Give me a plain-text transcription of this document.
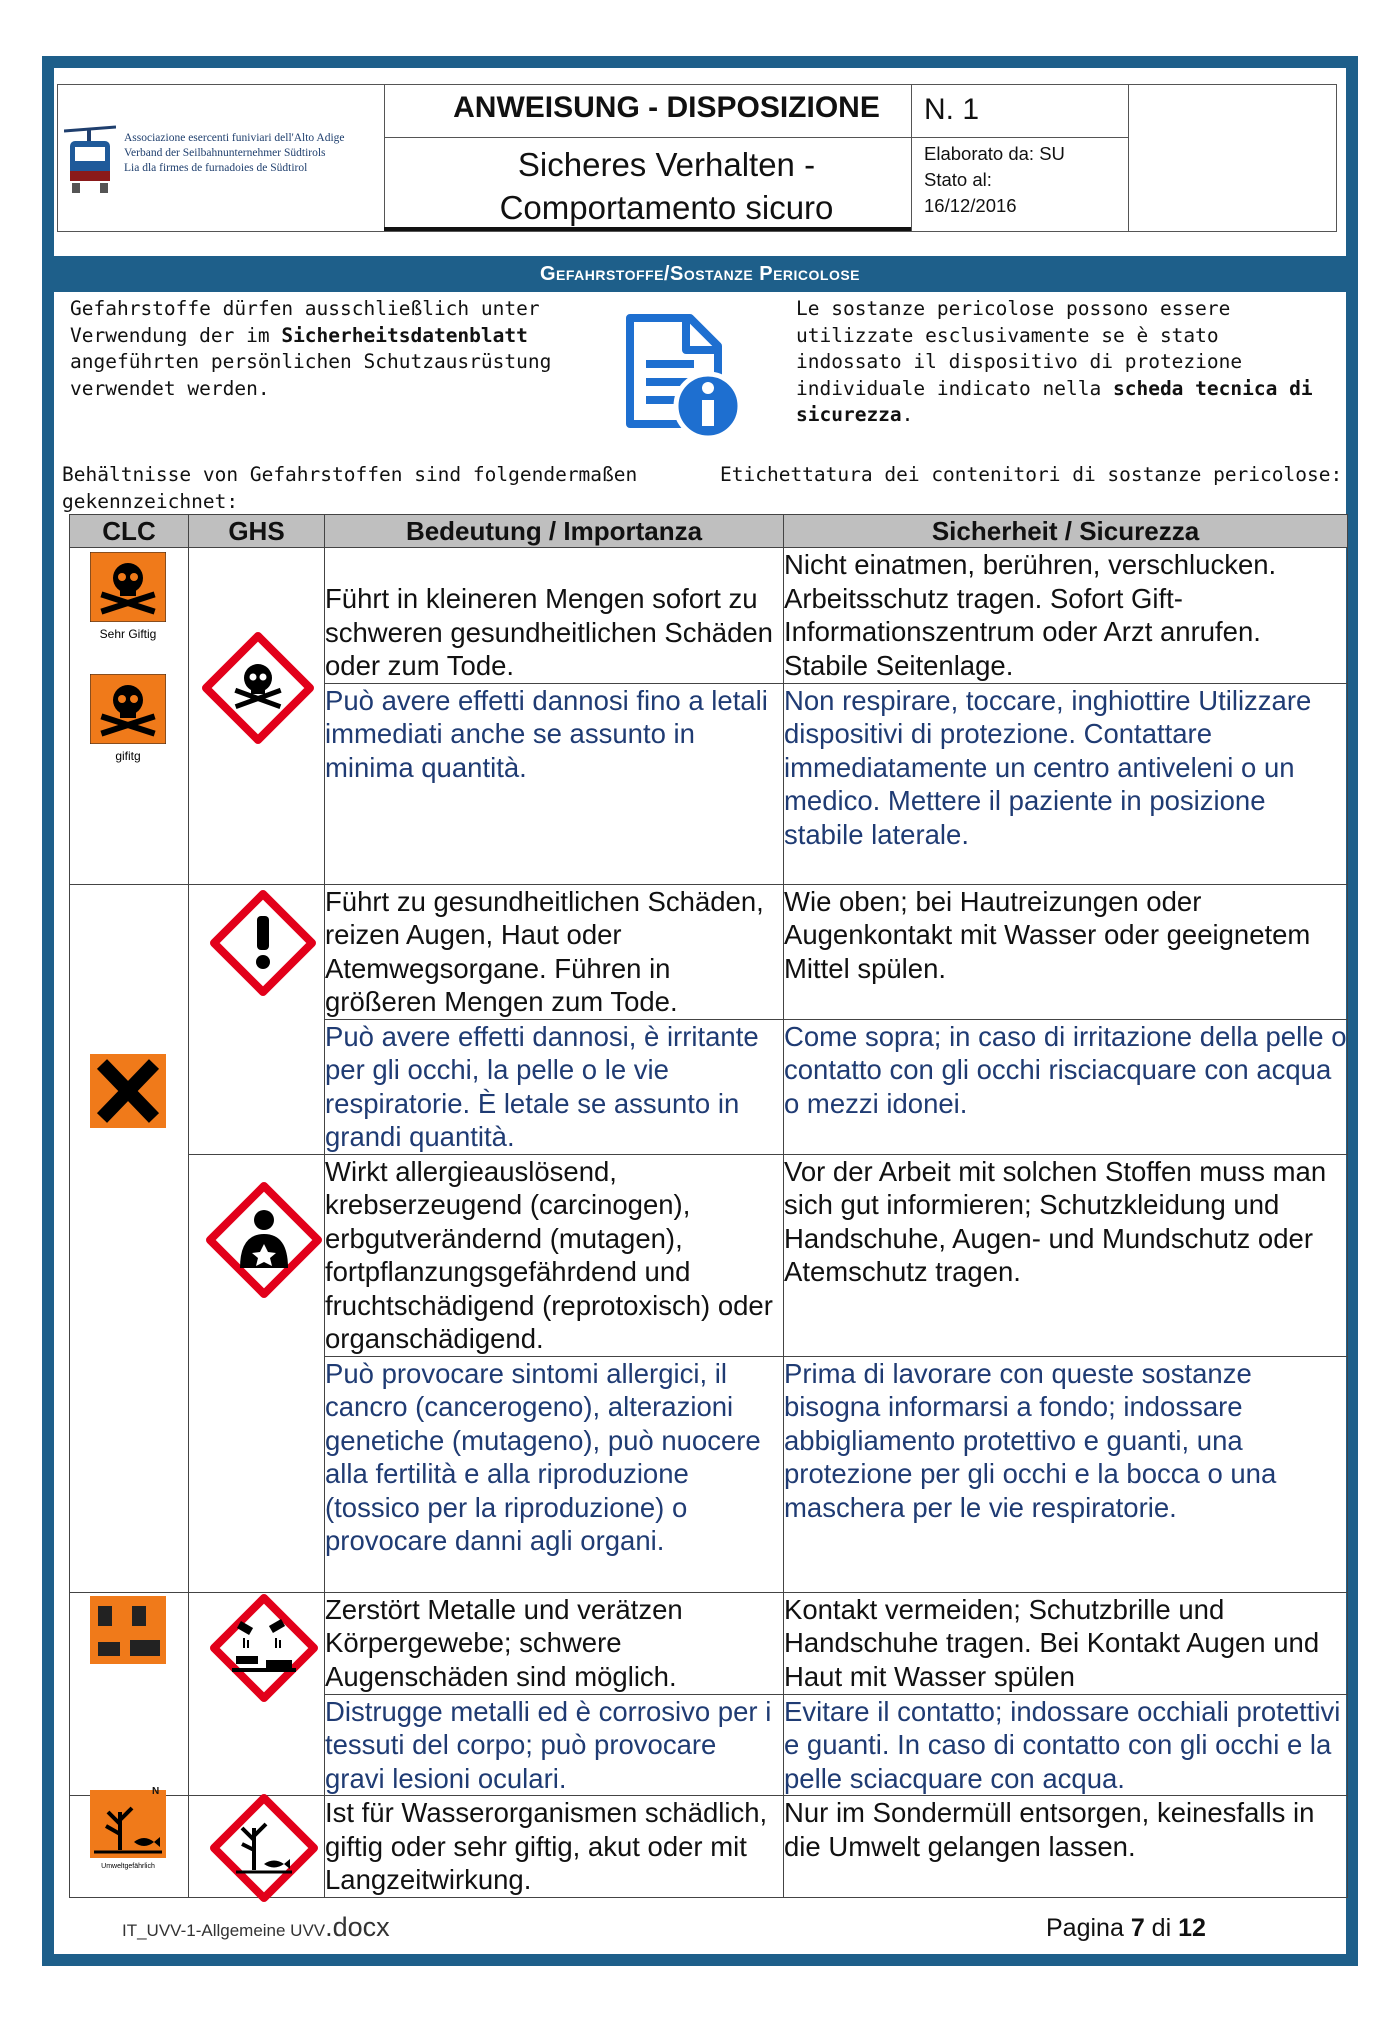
Associazione esercenti funiviari dell'Alto Adige
Verband der Seilbahnunternehmer Südtirols
Lia dla firmes de furnadoies de Südtirol
ANWEISUNG - DISPOSIZIONE
Sicheres Verhalten -
Comportamento sicuro
N. 1
Elaborato da: SU
Stato al:
16/12/2016
Gefahrstoffe/Sostanze Pericolose
Gefahrstoffe dürfen ausschließlich unter Verwendung der im Sicherheitsdatenblatt angeführten persönlichen Schutzausrüstung verwendet werden.
Le sostanze pericolose possono essere utilizzate esclusivamente se è stato indossato il dispositivo di protezione individuale indicato nella scheda tecnica di sicurezza.
Behältnisse von Gefahrstoffen sind folgendermaßen gekennzeichnet:
Etichettatura dei contenitori di sostanze pericolose:
CLC	GHS	Bedeutung / Importanza	Sicherheit / Sicurezza
		Führt in kleineren Mengen sofort zu schweren gesundheitlichen Schäden oder zum Tode.	Nicht einatmen, berühren, verschlucken. Arbeitsschutz tragen. Sofort Gift-Informationszentrum oder Arzt anrufen. Stabile Seitenlage.
		Può avere effetti dannosi fino a letali immediati anche se assunto in minima quantità.	Non respirare, toccare, inghiottire Utilizzare dispositivi di protezione. Contattare immediatamente un centro antiveleni o un medico. Mettere il paziente in posizione stabile laterale.
		Führt zu gesundheitlichen Schäden, reizen Augen, Haut oder Atemwegsorgane. Führen in größeren Mengen zum Tode.	Wie oben; bei Hautreizungen oder Augenkontakt mit Wasser oder geeignetem Mittel spülen.
		Può avere effetti dannosi, è irritante per gli occhi, la pelle o le vie respiratorie. È letale se assunto in grandi quantità.	Come sopra; in caso di irritazione della pelle o contatto con gli occhi risciacquare con acqua o mezzi idonei.
		Wirkt allergieauslösend, krebserzeugend (carcinogen), erbgutverändernd (mutagen), fortpflanzungsgefährdend und fruchtschädigend (reprotoxisch) oder organschädigend.	Vor der Arbeit mit solchen Stoffen muss man sich gut informieren; Schutzkleidung und Handschuhe, Augen- und Mundschutz oder Atemschutz tragen.
		Può provocare sintomi allergici, il cancro (cancerogeno), alterazioni genetiche (mutageno), può nuocere alla fertilità e alla riproduzione (tossico per la riproduzione) o provocare danni agli organi.	Prima di lavorare con queste sostanze bisogna informarsi a fondo; indossare abbigliamento protettivo e guanti, una protezione per gli occhi e la bocca o una maschera per le vie respiratorie.
		Zerstört Metalle und verätzen Körpergewebe; schwere Augenschäden sind möglich.	Kontakt vermeiden; Schutzbrille und Handschuhe tragen. Bei Kontakt Augen und Haut mit Wasser spülen
		Distrugge metalli ed è corrosivo per i tessuti del corpo; può provocare gravi lesioni oculari.	Evitare il contatto; indossare occhiali protettivi e guanti. In caso di contatto con gli occhi e la pelle sciacquare con acqua.
		Ist für Wasserorganismen schädlich, giftig oder sehr giftig, akut oder mit Langzeitwirkung.	Nur im Sondermüll entsorgen, keinesfalls in die Umwelt gelangen lassen.
Sehr Giftig
gifitg
N
Umweltgefährlich
IT_UVV-1-Allgemeine UVV.docx	Pagina 7 di 12
